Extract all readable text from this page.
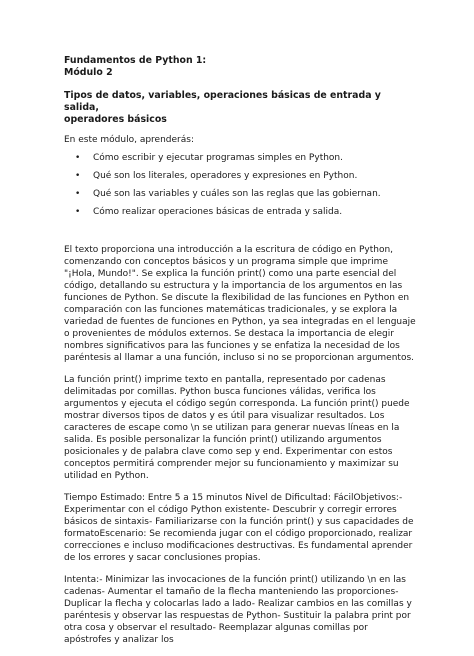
Fundamentos de Python 1:
Módulo 2
Tipos de datos, variables, operaciones básicas de entrada y salida,
operadores básicos
En este módulo, aprenderás:
• Cómo escribir y ejecutar programas simples en Python.
• Qué son los literales, operadores y expresiones en Python.
• Qué son las variables y cuáles son las reglas que las gobiernan.
• Cómo realizar operaciones básicas de entrada y salida.

El texto proporciona una introducción a la escritura de código en Python, comenzando con conceptos básicos y un programa simple que imprime "¡Hola, Mundo!". Se explica la función print() como una parte esencial del código, detallando su estructura y la importancia de los argumentos en las funciones de Python. Se discute la flexibilidad de las funciones en Python en comparación con las funciones matemáticas tradicionales, y se explora la variedad de fuentes de funciones en Python, ya sea integradas en el lenguaje o provenientes de módulos externos. Se destaca la importancia de elegir nombres significativos para las funciones y se enfatiza la necesidad de los paréntesis al llamar a una función, incluso si no se proporcionan argumentos.

La función print() imprime texto en pantalla, representado por cadenas delimitadas por comillas. Python busca funciones válidas, verifica los argumentos y ejecuta el código según corresponda. La función print() puede mostrar diversos tipos de datos y es útil para visualizar resultados. Los caracteres de escape como \n se utilizan para generar nuevas líneas en la salida. Es posible personalizar la función print() utilizando argumentos posicionales y de palabra clave como sep y end. Experimentar con estos conceptos permitirá comprender mejor su funcionamiento y maximizar su utilidad en Python.

Tiempo Estimado: Entre 5 a 15 minutos Nivel de Dificultad: FácilObjetivos:- Experimentar con el código Python existente- Descubrir y corregir errores básicos de sintaxis- Familiarizarse con la función print() y sus capacidades de formatoEscenario: Se recomienda jugar con el código proporcionado, realizar correcciones e incluso modificaciones destructivas. Es fundamental aprender de los errores y sacar conclusiones propias.

Intenta:- Minimizar las invocaciones de la función print() utilizando \n en las cadenas- Aumentar el tamaño de la flecha manteniendo las proporciones- Duplicar la flecha y colocarlas lado a lado- Realizar cambios en las comillas y paréntesis y observar las respuestas de Python- Sustituir la palabra print por otra cosa y observar el resultado- Reemplazar algunas comillas por apóstrofes y analizar los
